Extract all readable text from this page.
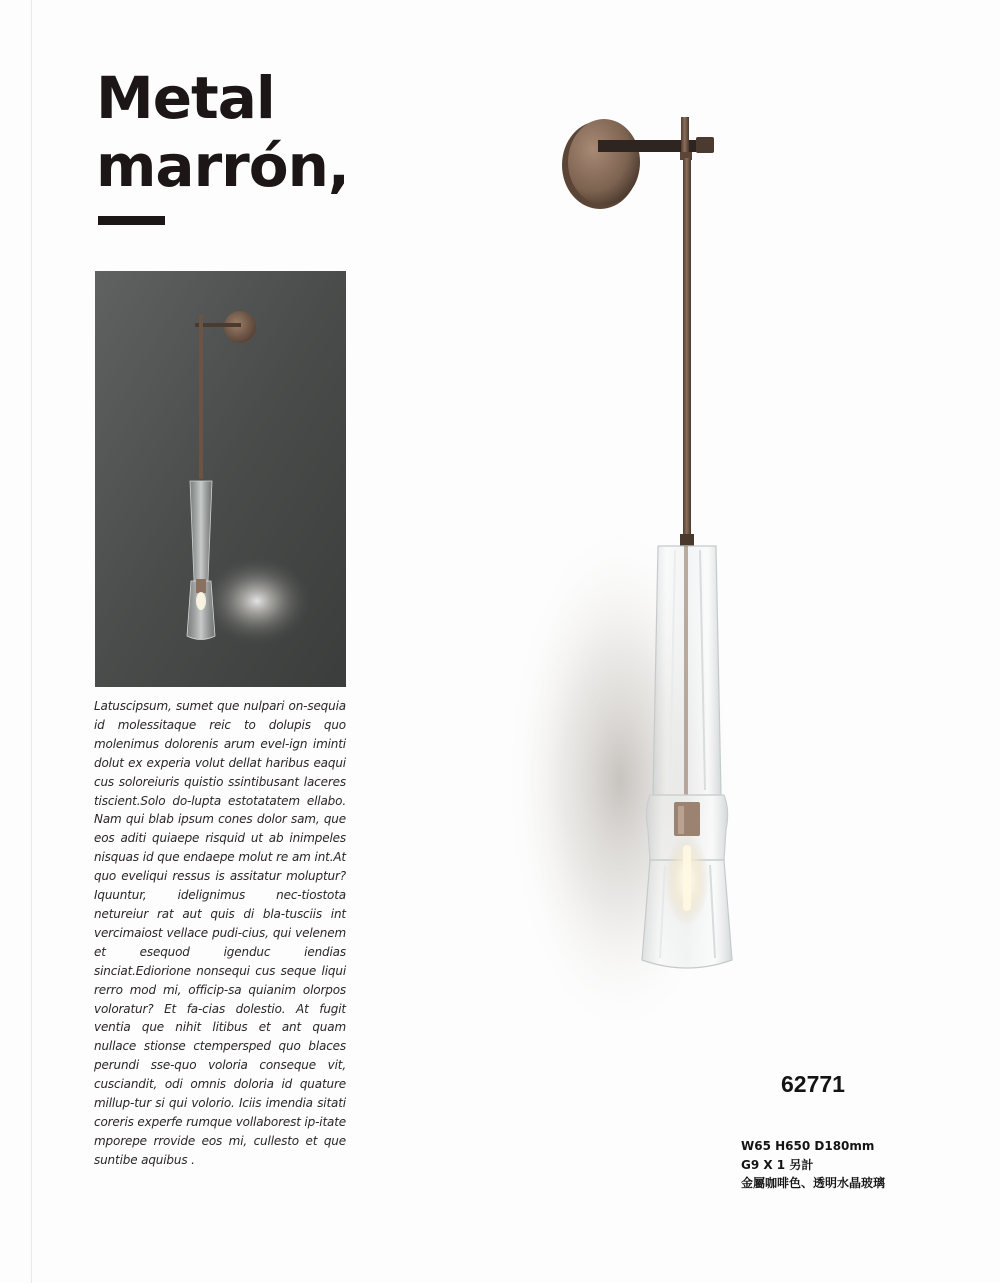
Metal
marrón,

Latuscipsum, sumet que nulpari on-sequia id molessitaque reic to dolupis quo molenimus dolorenis arum evel-ign iminti dolut ex experia volut dellat haribus eaqui cus soloreiuris quistio ssintibusant laceres tiscient.Solo do-lupta estotatatem ellabo. Nam qui blab ipsum cones dolor sam, que eos aditi quiaepe risquid ut ab inimpeles nisquas id que endaepe molut re am int.At quo eveliqui ressus is assitatur moluptur?Iquuntur, idelignimus nec-tiostota netureiur rat aut quis di bla-tusciis int vercimaiost vellace pudi-cius, qui velenem et esequod igenduc iendias sinciat.Ediorione nonsequi cus seque liqui rerro mod mi, officip-sa quianim olorpos voloratur? Et fa-cias dolestio. At fugit ventia que nihit litibus et ant quam nullace stionse ctempersped quo blaces perundi sse-quo voloria conseque vit, cusciandit, odi omnis doloria id quature millup-tur si qui volorio. Iciis imendia sitati coreris experfe rumque vollaborest ip-itate mporepe rrovide eos mi, cullesto et que suntibe aquibus .

62771

W65 H650 D180mm
G9 X 1 另計
金屬咖啡色、透明水晶玻璃
